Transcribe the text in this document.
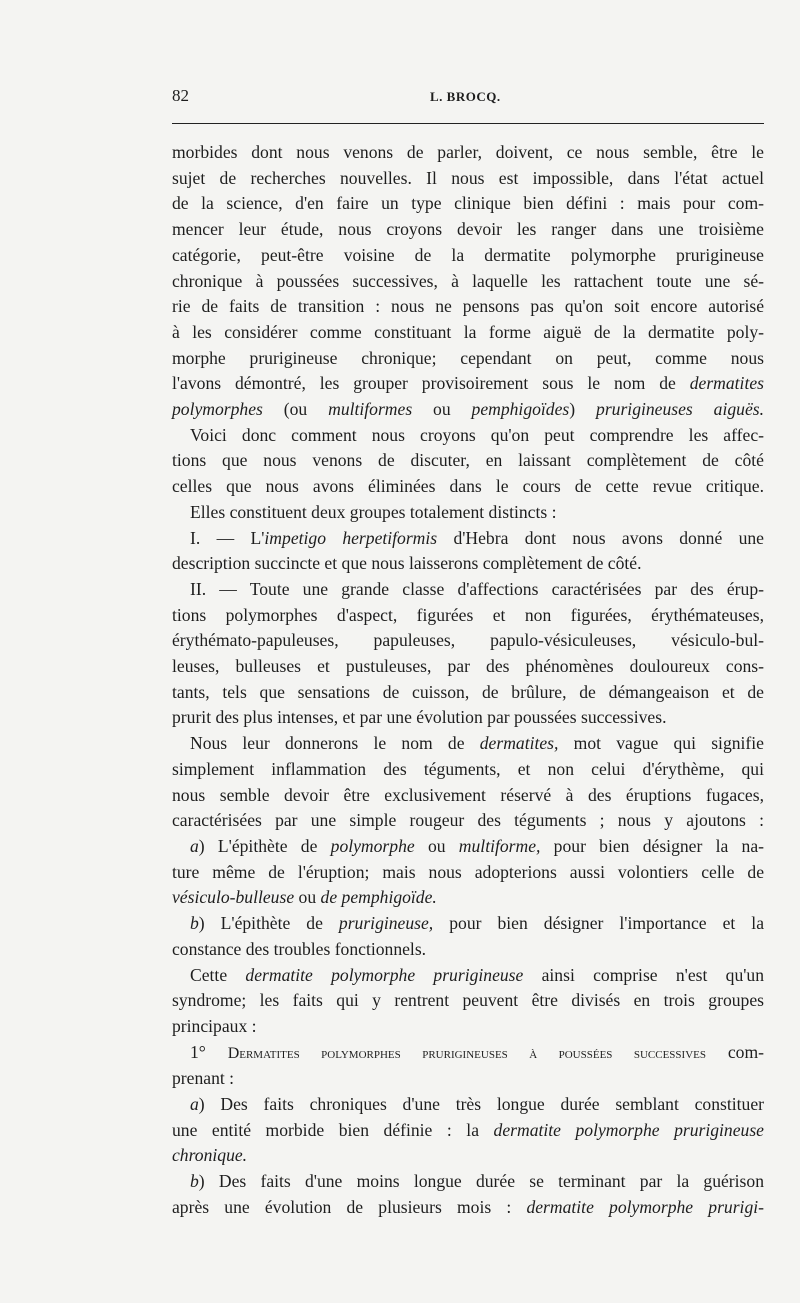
82	L. BROCQ.
morbides dont nous venons de parler, doivent, ce nous semble, être le
sujet de recherches nouvelles. Il nous est impossible, dans l'état actuel
de la science, d'en faire un type clinique bien défini : mais pour com-
mencer leur étude, nous croyons devoir les ranger dans une troisième
catégorie, peut-être voisine de la dermatite polymorphe prurigineuse
chronique à poussées successives, à laquelle les rattachent toute une sé-
rie de faits de transition : nous ne pensons pas qu'on soit encore autorisé
à les considérer comme constituant la forme aiguë de la dermatite poly-
morphe prurigineuse chronique; cependant on peut, comme nous
l'avons démontré, les grouper provisoirement sous le nom de dermatites
polymorphes (ou multiformes ou pemphigoïdes) prurigineuses aiguës.
Voici donc comment nous croyons qu'on peut comprendre les affec-
tions que nous venons de discuter, en laissant complètement de côté
celles que nous avons éliminées dans le cours de cette revue critique.
Elles constituent deux groupes totalement distincts :
I. — L'impetigo herpetiformis d'Hebra dont nous avons donné une
description succincte et que nous laisserons complètement de côté.
II. — Toute une grande classe d'affections caractérisées par des érup-
tions polymorphes d'aspect, figurées et non figurées, érythémateuses,
érythémato-papuleuses, papuleuses, papulo-vésiculeuses, vésiculo-bul-
leuses, bulleuses et pustuleuses, par des phénomènes douloureux cons-
tants, tels que sensations de cuisson, de brûlure, de démangeaison et de
prurit des plus intenses, et par une évolution par poussées successives.
Nous leur donnerons le nom de dermatites, mot vague qui signifie
simplement inflammation des téguments, et non celui d'érythème, qui
nous semble devoir être exclusivement réservé à des éruptions fugaces,
caractérisées par une simple rougeur des téguments ; nous y ajoutons :
a) L'épithète de polymorphe ou multiforme, pour bien désigner la na-
ture même de l'éruption; mais nous adopterions aussi volontiers celle de
vésiculo-bulleuse ou de pemphigoïde.
b) L'épithète de prurigineuse, pour bien désigner l'importance et la
constance des troubles fonctionnels.
Cette dermatite polymorphe prurigineuse ainsi comprise n'est qu'un
syndrome; les faits qui y rentrent peuvent être divisés en trois groupes
principaux :
1° Dermatites polymorphes prurigineuses à poussées successives com-
prenant :
a) Des faits chroniques d'une très longue durée semblant constituer
une entité morbide bien définie : la dermatite polymorphe prurigineuse
chronique.
b) Des faits d'une moins longue durée se terminant par la guérison
après une évolution de plusieurs mois : dermatite polymorphe prurigi-
